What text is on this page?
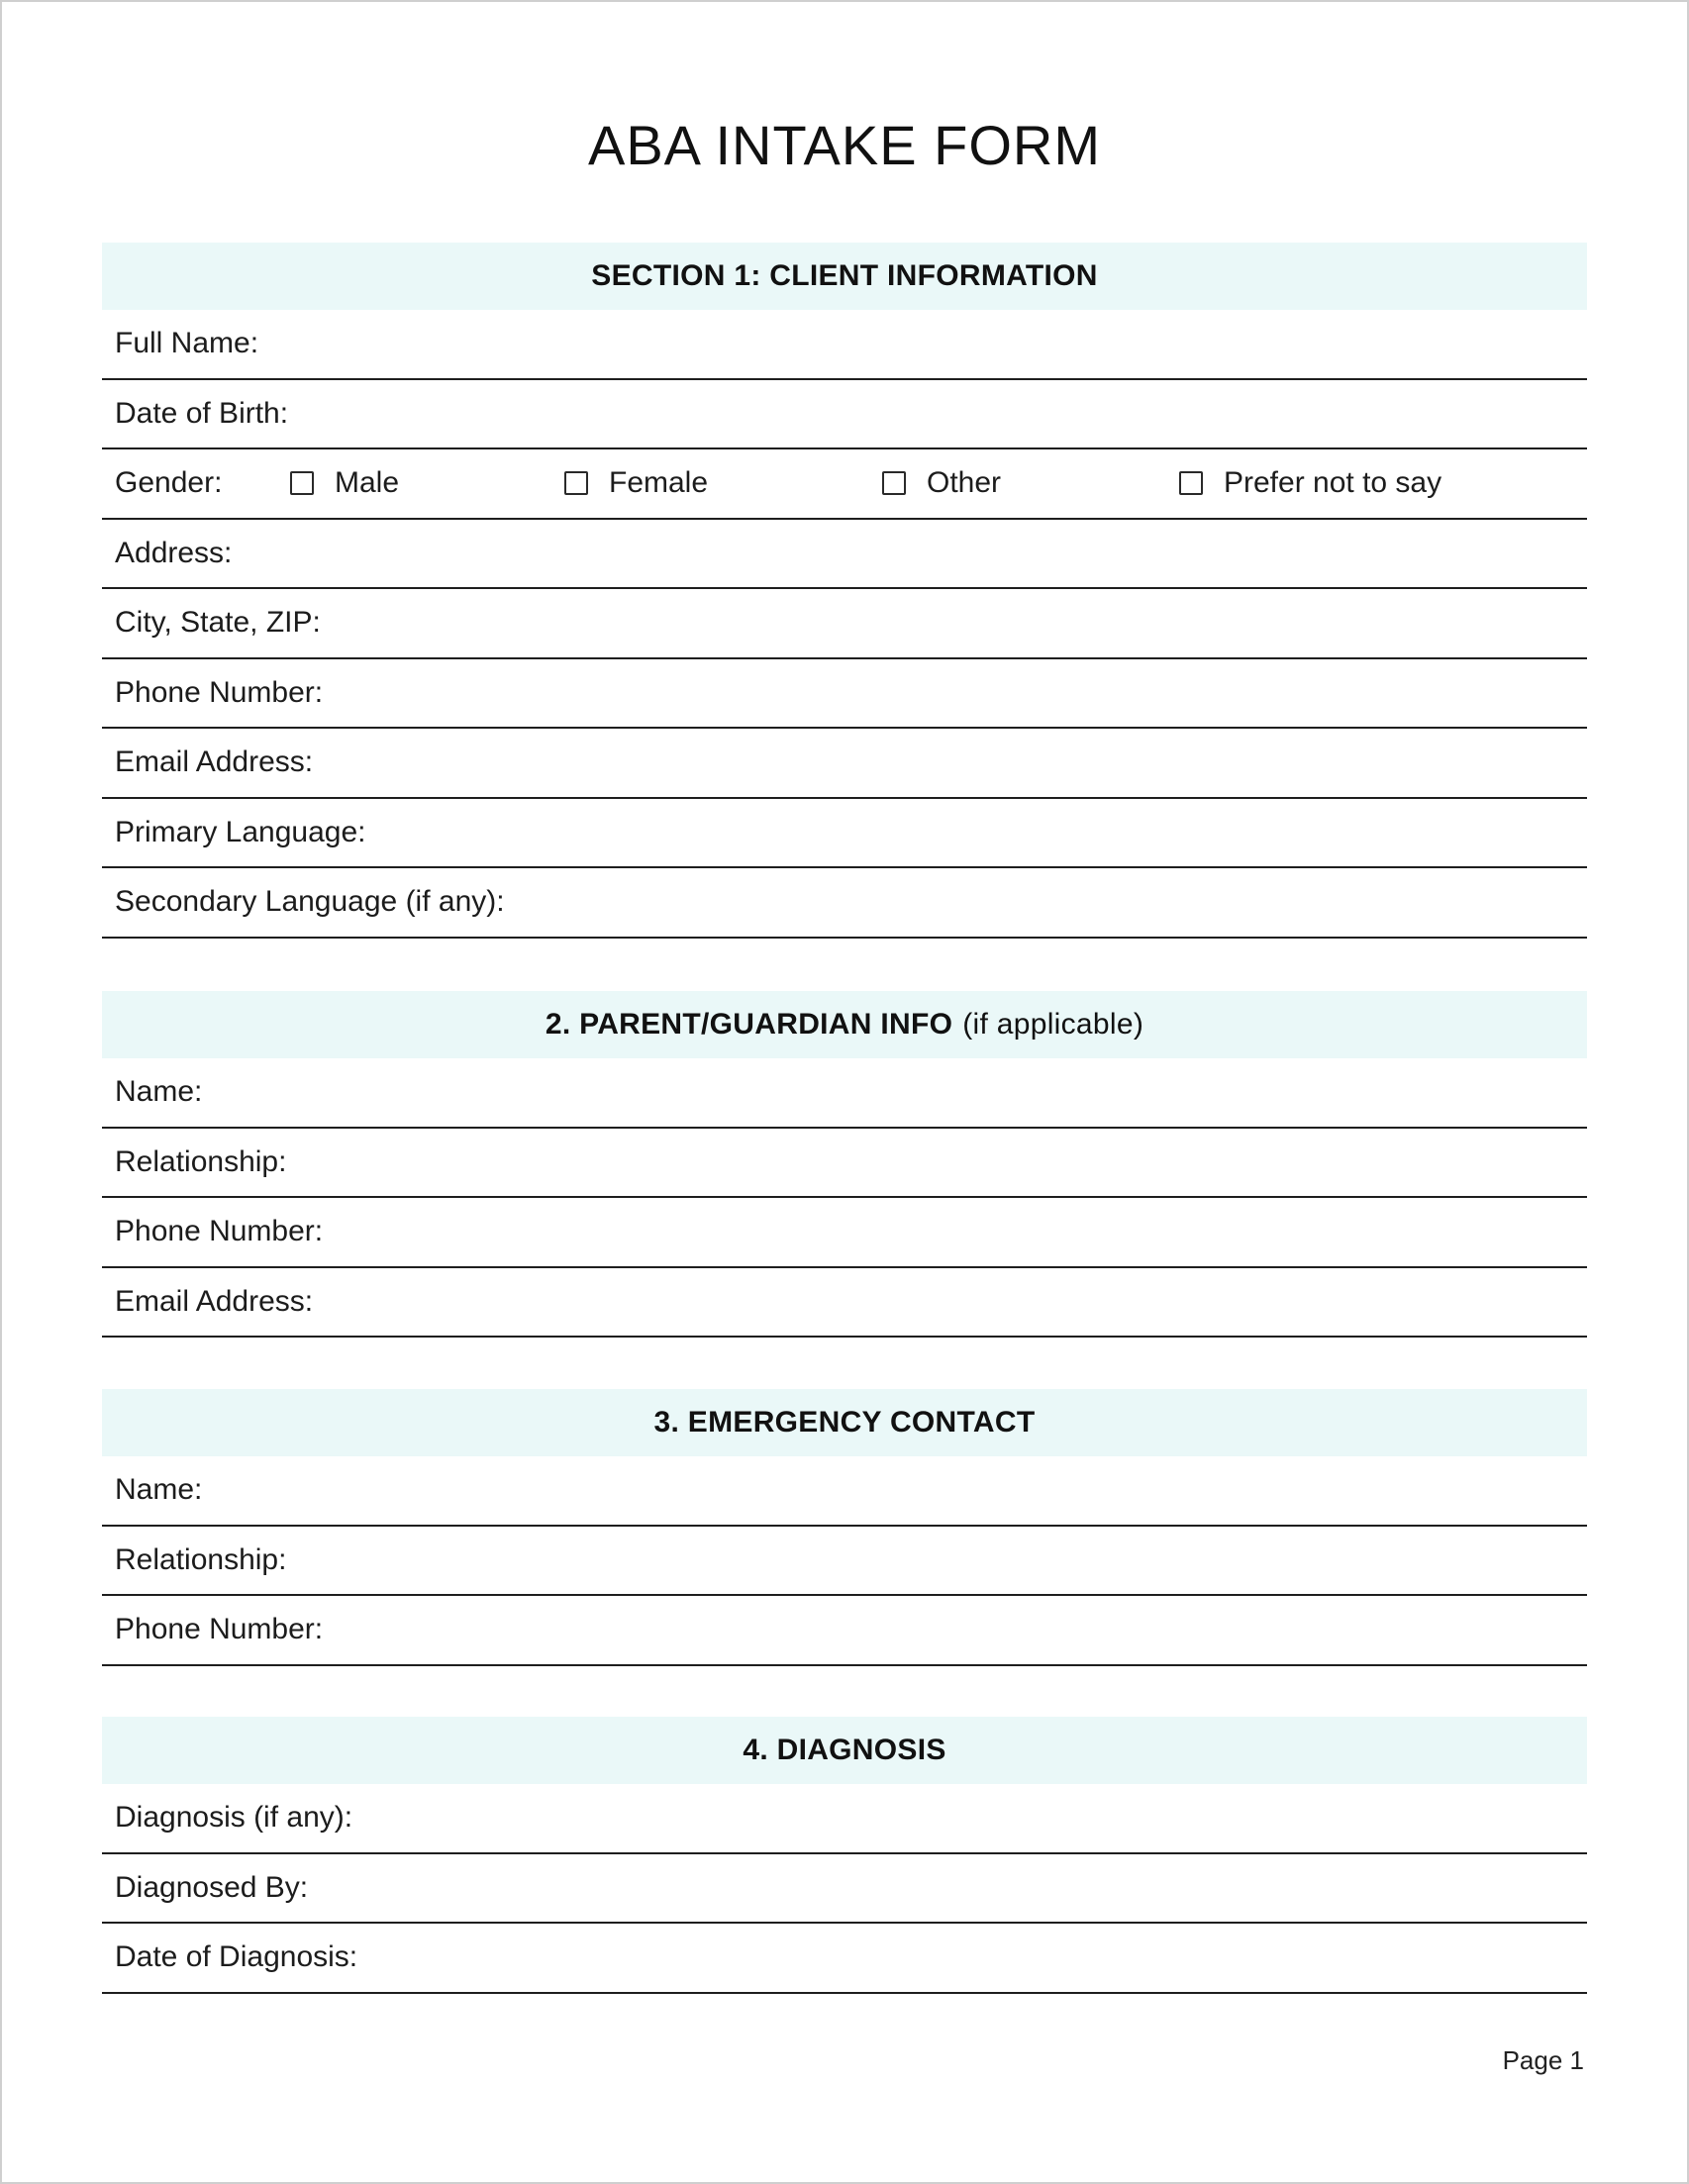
ABA INTAKE FORM
SECTION 1: CLIENT INFORMATION
Full Name:
Date of Birth:
Gender:	Male	Female	Other	Prefer not to say
Address:
City, State, ZIP:
Phone Number:
Email Address:
Primary Language:
Secondary Language (if any):
2. PARENT/GUARDIAN INFO (if applicable)
Name:
Relationship:
Phone Number:
Email Address:
3. EMERGENCY CONTACT
Name:
Relationship:
Phone Number:
4. DIAGNOSIS
Diagnosis (if any):
Diagnosed By:
Date of Diagnosis:
Page 1
